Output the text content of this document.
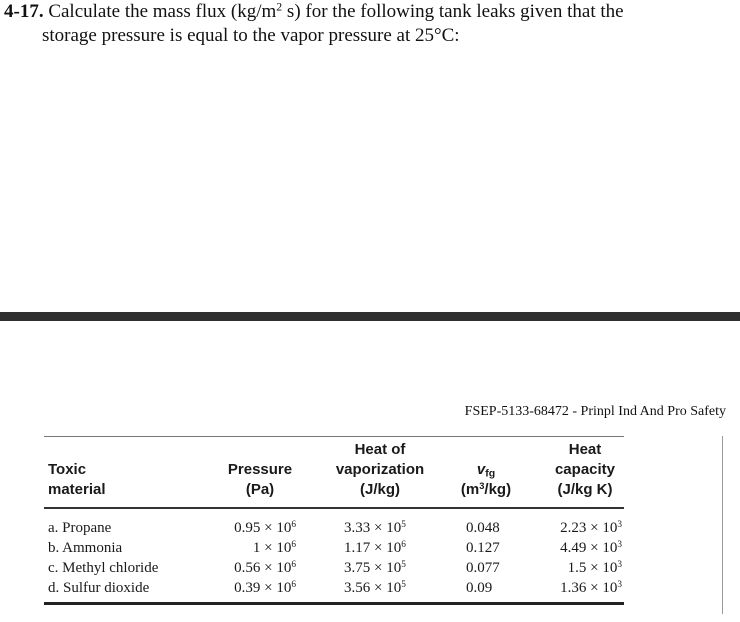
4-17. Calculate the mass flux ($kg/m^2$ s) for the following tank leaks given that the
storage pressure is equal to the vapor pressure at 25°C:
FSEP-5133-68472 - Prinpl Ind And Pro Safety
Toxic
material
Pressure
(Pa)
Heat of
vaporization
(J/kg)
$v_{fg}$
$(m^3/kg)$
Heat
capacity
(J/kg K)
a. Propane
b. Ammonia
c. Methyl chloride
d. Sulfur dioxide
$0.95 \times 10^6$
$1 \times 10^6$
$0.56 \times 10^6$
$0.39 \times 10^6$
$3.33 \times 10^5$
$1.17 \times 10^6$
$3.75 \times 10^5$
$3.56 \times 10^5$
0.048
0.127
0.077
0.09
$2.23 \times 10^3$
$4.49 \times 10^3$
$1.5 \times 10^3$
$1.36 \times 10^3$
